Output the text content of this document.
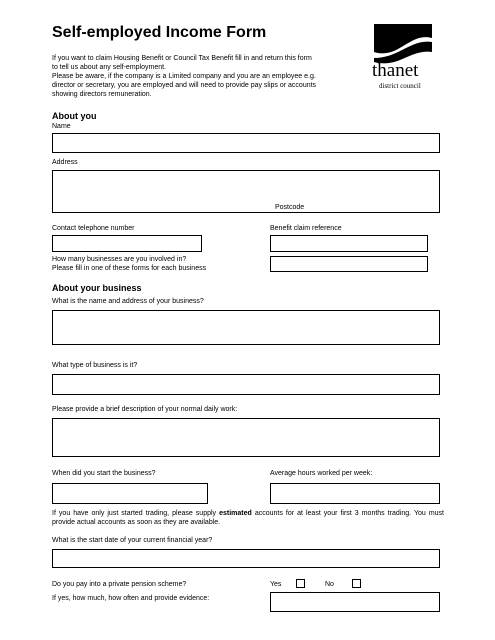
Self-employed Income Form
If you want to claim Housing Benefit or Council Tax Benefit fill in and return this form
to tell us about any self-employment.
Please be aware, if the company is a Limited company and you are an employee e.g.
director or secretary, you are employed and will need to provide pay slips or accounts
showing directors remuneration.
thanet
district council
About you
Name
Address
Postcode
Contact telephone number	Benefit claim reference
How many businesses are you involved in?
Please fill in one of these forms for each business
About your business
What is the name and address of your business?
What type of business is it?
Please provide a brief description of your normal daily work:
When did you start the business?	Average hours worked per week:
If you have only just started trading, please supply estimated accounts for at least your first 3 months trading. You must provide actual accounts as soon as they are available.
What is the start date of your current financial year?
Do you pay into a private pension scheme?	Yes	No
If yes, how much, how often and provide evidence:
